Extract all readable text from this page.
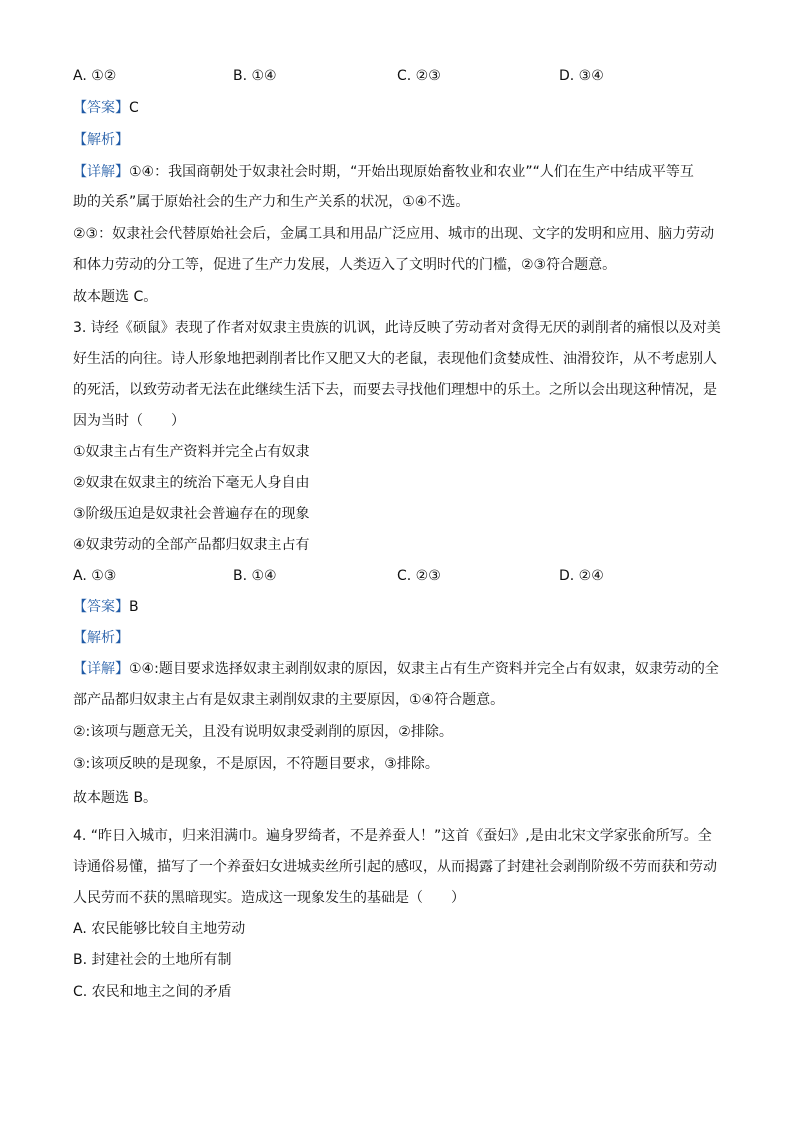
A. ①②	B. ①④	C. ②③	D. ③④
【答案】C
【解析】
【详解】①④：我国商朝处于奴隶社会时期，“开始出现原始畜牧业和农业”“人们在生产中结成平等互
助的关系”属于原始社会的生产力和生产关系的状况，①④不选。
②③：奴隶社会代替原始社会后，金属工具和用品广泛应用、城市的出现、文字的发明和应用、脑力劳动
和体力劳动的分工等，促进了生产力发展，人类迈入了文明时代的门槛，②③符合题意。
故本题选 C。
3. 诗经《硕鼠》表现了作者对奴隶主贵族的讥讽，此诗反映了劳动者对贪得无厌的剥削者的痛恨以及对美
好生活的向往。诗人形象地把剥削者比作又肥又大的老鼠，表现他们贪婪成性、油滑狡诈，从不考虑别人
的死活，以致劳动者无法在此继续生活下去，而要去寻找他们理想中的乐土。之所以会出现这种情况，是
因为当时（　　）
①奴隶主占有生产资料并完全占有奴隶
②奴隶在奴隶主的统治下毫无人身自由
③阶级压迫是奴隶社会普遍存在的现象
④奴隶劳动的全部产品都归奴隶主占有
A. ①③	B. ①④	C. ②③	D. ②④
【答案】B
【解析】
【详解】①④:题目要求选择奴隶主剥削奴隶的原因，奴隶主占有生产资料并完全占有奴隶，奴隶劳动的全
部产品都归奴隶主占有是奴隶主剥削奴隶的主要原因，①④符合题意。
②:该项与题意无关，且没有说明奴隶受剥削的原因，②排除。
③:该项反映的是现象，不是原因，不符题目要求，③排除。
故本题选 B。
4. “昨日入城市，归来泪满巾。遍身罗绮者，不是养蚕人！”这首《蚕妇》,是由北宋文学家张俞所写。全
诗通俗易懂，描写了一个养蚕妇女进城卖丝所引起的感叹，从而揭露了封建社会剥削阶级不劳而获和劳动
人民劳而不获的黑暗现实。造成这一现象发生的基础是（　　）
A. 农民能够比较自主地劳动
B. 封建社会的土地所有制
C. 农民和地主之间的矛盾
